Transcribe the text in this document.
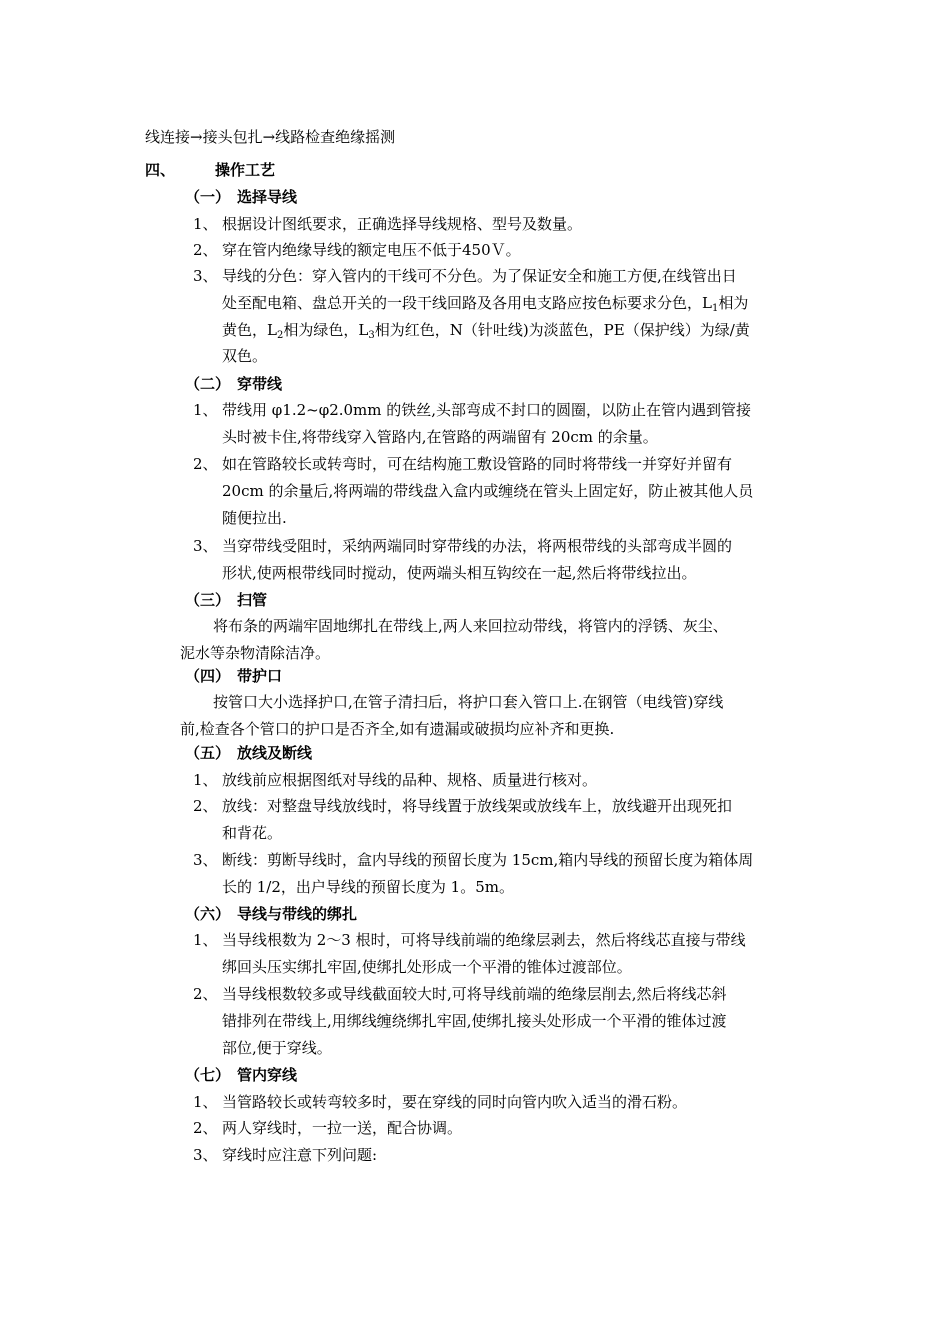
线连接→接头包扎→线路检查绝缘摇测
四、	操作工艺
（一） 选择导线
1、 根据设计图纸要求，正确选择导线规格、型号及数量。
2、 穿在管内绝缘导线的额定电压不低于450Ｖ。
3、 导线的分色：穿入管内的干线可不分色。为了保证安全和施工方便,在线管出日
处至配电箱、盘总开关的一段干线回路及各用电支路应按色标要求分色，$L_1$相为
黄色，$L_2$相为绿色，$L_3$相为红色，N（针吐线)为淡蓝色，PE（保护线）为绿/黄
双色。
（二） 穿带线
1、 带线用 φ1.2~φ2.0mm 的铁丝,头部弯成不封口的圆圈，以防止在管内遇到管接
头时被卡住,将带线穿入管路内,在管路的两端留有 20cm 的余量。
2、 如在管路较长或转弯时，可在结构施工敷设管路的同时将带线一并穿好并留有
20cm 的余量后,将两端的带线盘入盒内或缠绕在管头上固定好，防止被其他人员
随便拉出.
3、 当穿带线受阻时，采纳两端同时穿带线的办法，将两根带线的头部弯成半圆的
形状,使两根带线同时搅动，使两端头相互钩绞在一起,然后将带线拉出。
（三） 扫管
将布条的两端牢固地绑扎在带线上,两人来回拉动带线，将管内的浮锈、灰尘、
泥水等杂物清除洁净。
（四） 带护口
按管口大小选择护口,在管子清扫后，将护口套入管口上.在钢管（电线管)穿线
前,检查各个管口的护口是否齐全,如有遗漏或破损均应补齐和更换.
（五） 放线及断线
1、 放线前应根据图纸对导线的品种、规格、质量进行核对。
2、 放线：对整盘导线放线时，将导线置于放线架或放线车上，放线避开出现死扣
和背花。
3、 断线：剪断导线时，盒内导线的预留长度为 15cm,箱内导线的预留长度为箱体周
长的 1/2，出户导线的预留长度为 1。5m。
（六） 导线与带线的绑扎
1、 当导线根数为 2～3 根时，可将导线前端的绝缘层剥去，然后将线芯直接与带线
绑回头压实绑扎牢固,使绑扎处形成一个平滑的锥体过渡部位。
2、 当导线根数较多或导线截面较大时,可将导线前端的绝缘层削去,然后将线芯斜
错排列在带线上,用绑线缠绕绑扎牢固,使绑扎接头处形成一个平滑的锥体过渡
部位,便于穿线。
（七） 管内穿线
1、 当管路较长或转弯较多时，要在穿线的同时向管内吹入适当的滑石粉。
2、 两人穿线时，一拉一送，配合协调。
3、 穿线时应注意下列问题:
